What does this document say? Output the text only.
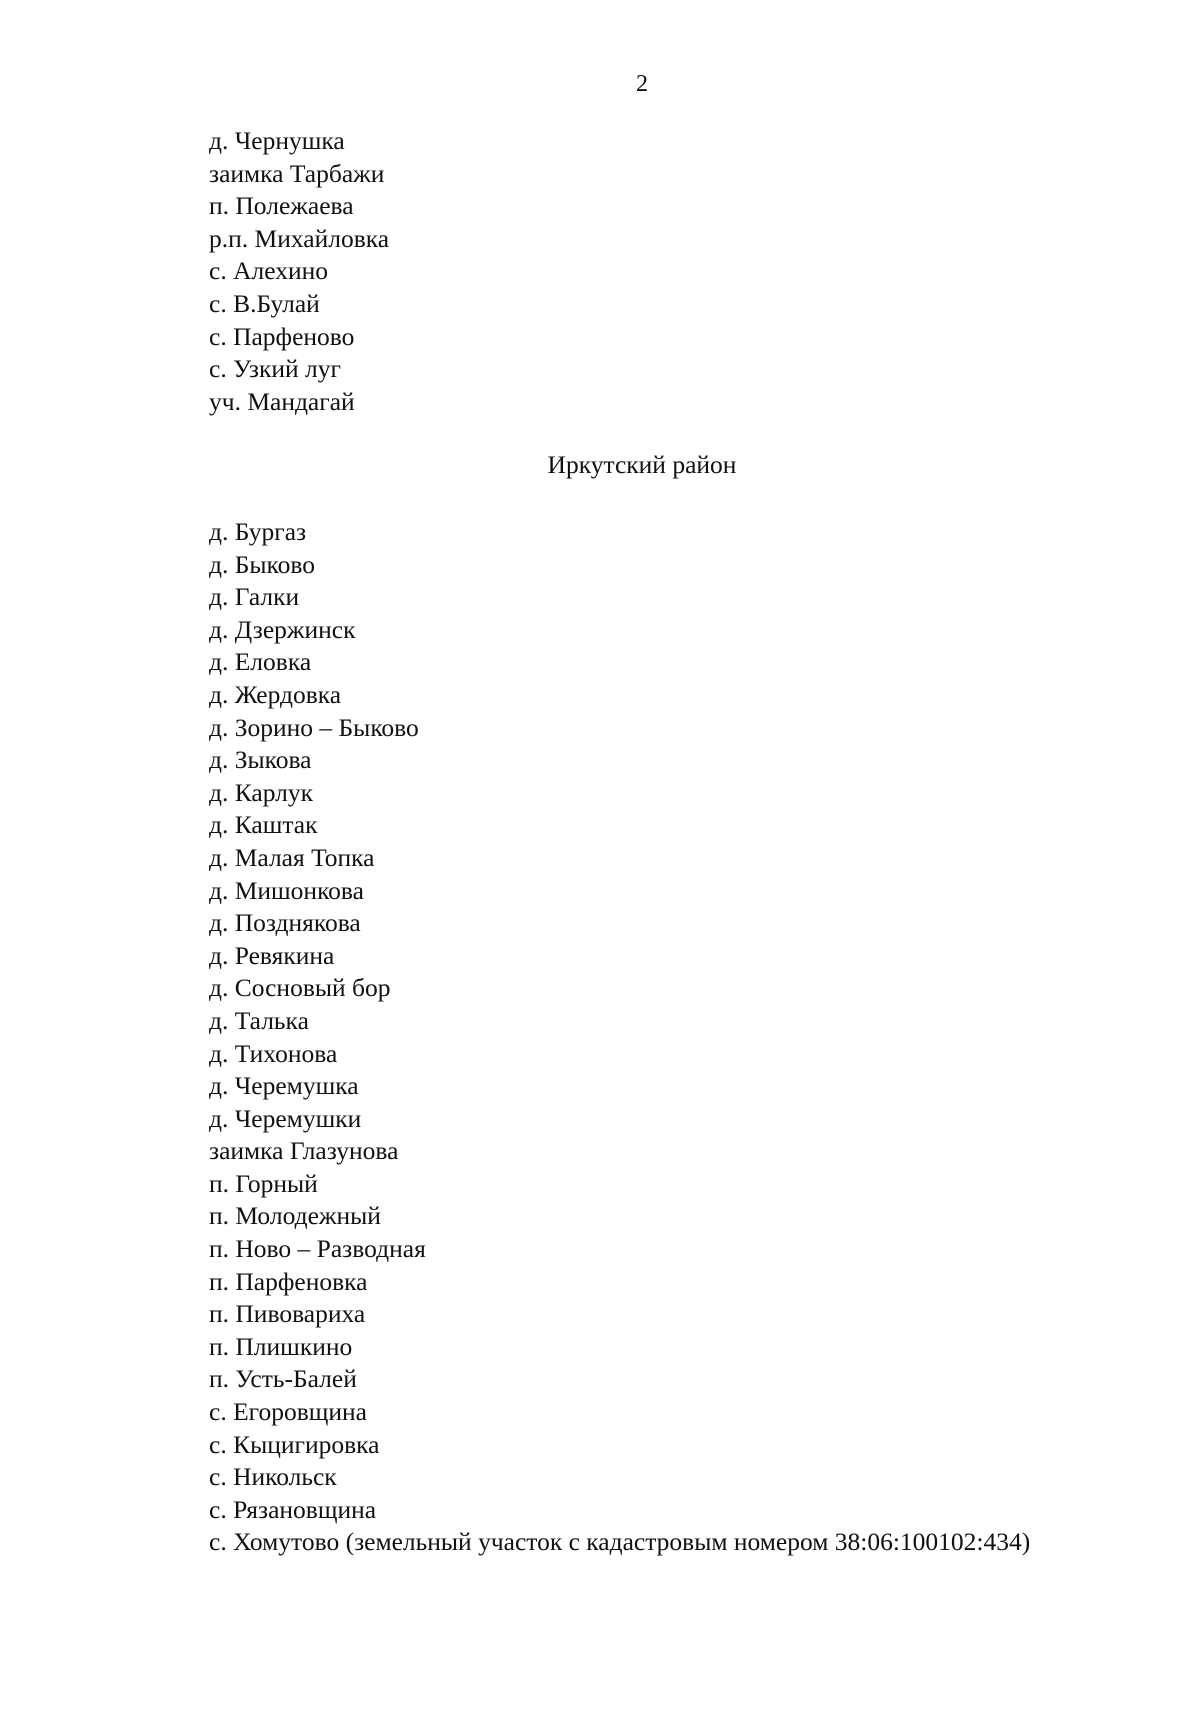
2
д. Чернушка
заимка Тарбажи
п. Полежаева
р.п. Михайловка
с. Алехино
с. В.Булай
с. Парфеново
с. Узкий луг
уч. Мандагай
Иркутский район
д. Бургаз
д. Быково
д. Галки
д. Дзержинск
д. Еловка
д. Жердовка
д. Зорино – Быково
д. Зыкова
д. Карлук
д. Каштак
д. Малая Топка
д. Мишонкова
д. Позднякова
д. Ревякина
д. Сосновый бор
д. Талька
д. Тихонова
д. Черемушка
д. Черемушки
заимка Глазунова
п. Горный
п. Молодежный
п. Ново – Разводная
п. Парфеновка
п. Пивовариха
п. Плишкино
п. Усть-Балей
с. Егоровщина
с. Кыцигировка
с. Никольск
с. Рязановщина
с. Хомутово (земельный участок с кадастровым номером 38:06:100102:434)
